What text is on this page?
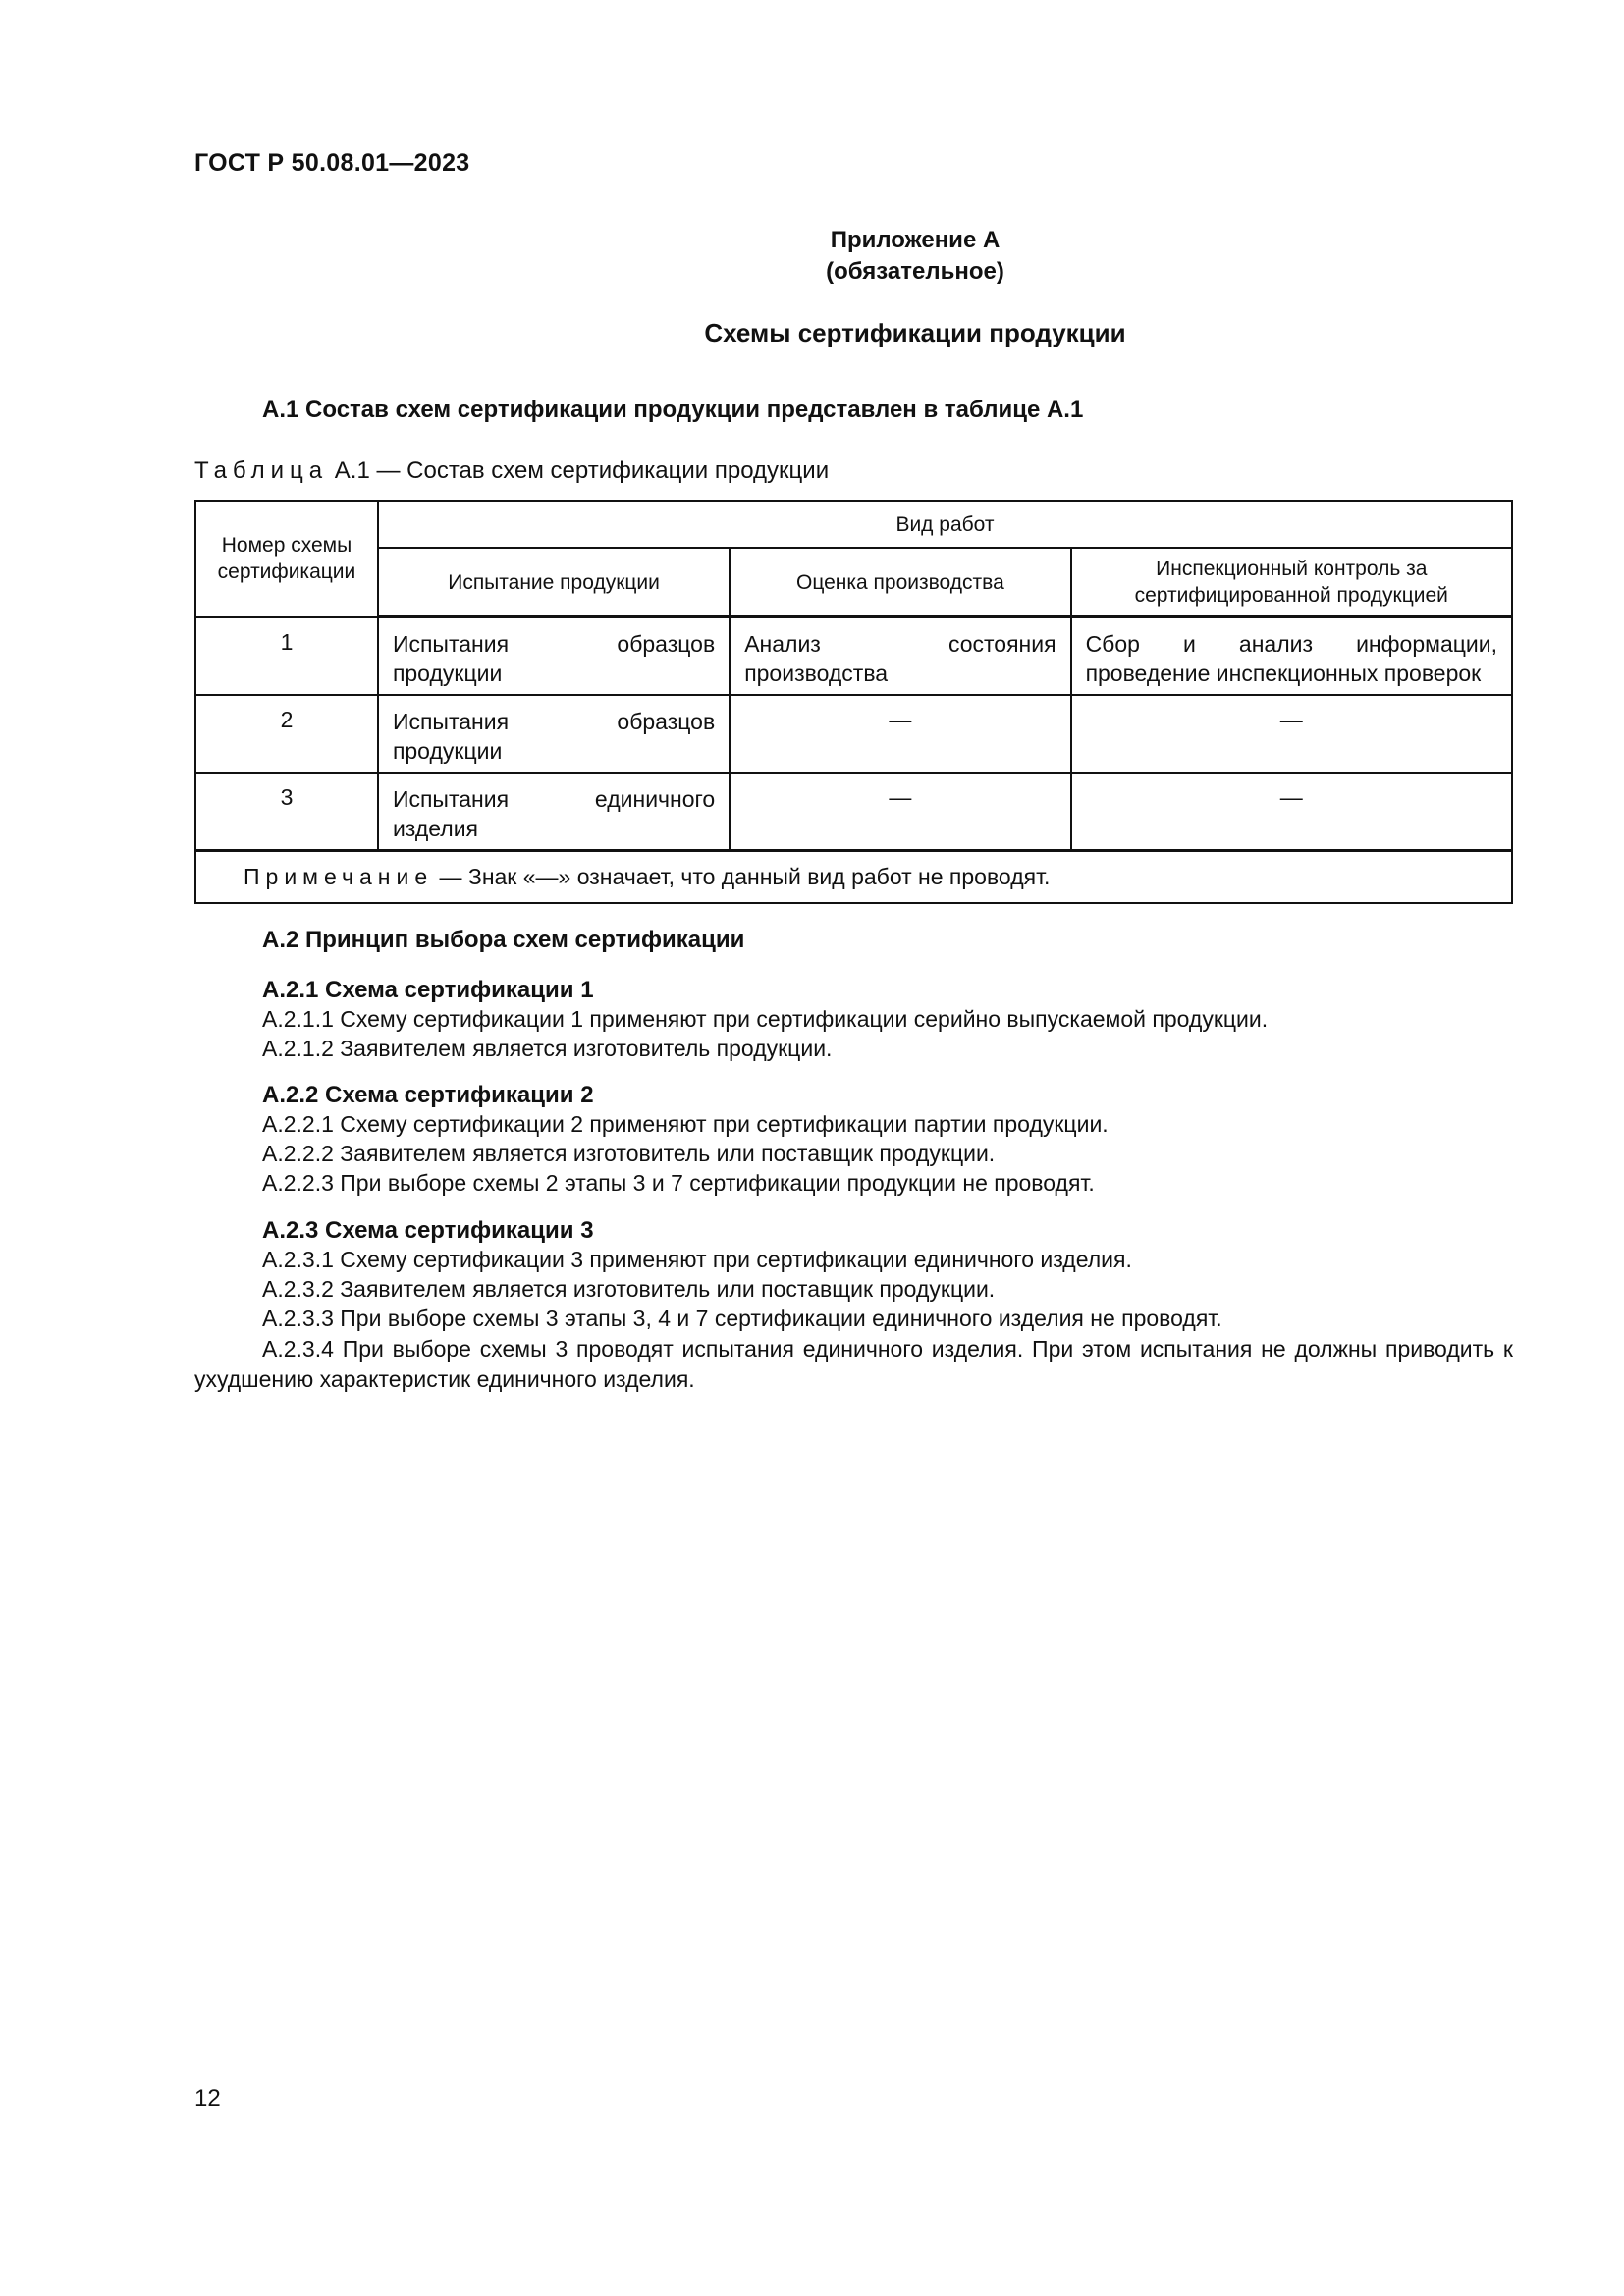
ГОСТ Р 50.08.01—2023
Приложение А
(обязательное)
Схемы сертификации продукции
А.1 Состав схем сертификации продукции представлен в таблице А.1
Таблица А.1 — Состав схем сертификации продукции
Номер схемы сертификации	Вид работ		
	Испытание продукции	Оценка производства	Инспекционный контроль за сертифицированной продукцией
1	Испытания образцов продукции	Анализ состояния производства	Сбор и анализ информации, проведение инспекционных проверок
2	Испытания образцов продукции	—	—
3	Испытания единичного изделия	—	—
Примечание — Знак «—» означает, что данный вид работ не проводят.			
А.2 Принцип выбора схем сертификации
А.2.1 Схема сертификации 1
А.2.1.1 Схему сертификации 1 применяют при сертификации серийно выпускаемой продукции.
А.2.1.2 Заявителем является изготовитель продукции.
А.2.2 Схема сертификации 2
А.2.2.1 Схему сертификации 2 применяют при сертификации партии продукции.
А.2.2.2 Заявителем является изготовитель или поставщик продукции.
А.2.2.3 При выборе схемы 2 этапы 3 и 7 сертификации продукции не проводят.
А.2.3 Схема сертификации 3
А.2.3.1 Схему сертификации 3 применяют при сертификации единичного изделия.
А.2.3.2 Заявителем является изготовитель или поставщик продукции.
А.2.3.3 При выборе схемы 3 этапы 3, 4 и 7 сертификации единичного изделия не проводят.
А.2.3.4 При выборе схемы 3 проводят испытания единичного изделия. При этом испытания не должны приводить к ухудшению характеристик единичного изделия.
12
